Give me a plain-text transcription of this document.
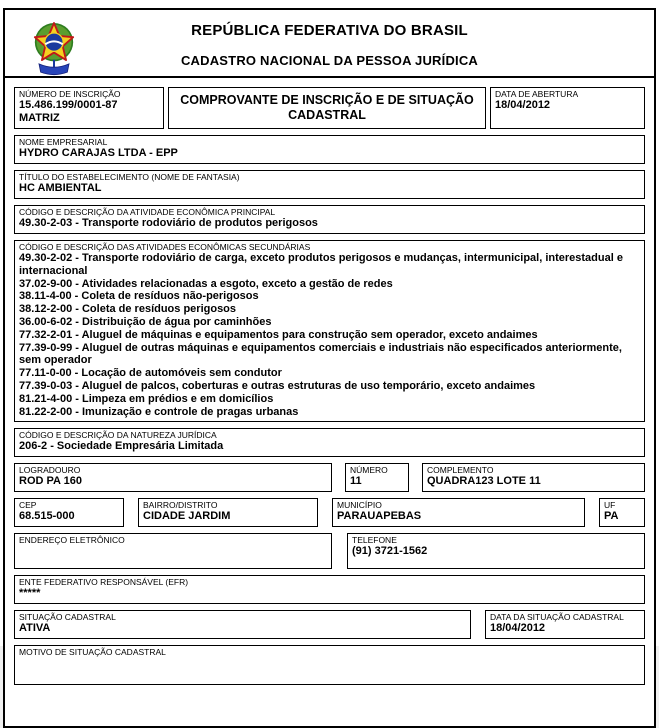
REPÚBLICA FEDERATIVA DO BRASIL
CADASTRO NACIONAL DA PESSOA JURÍDICA
NÚMERO DE INSCRIÇÃO
15.486.199/0001-87
MATRIZ
COMPROVANTE DE INSCRIÇÃO E DE SITUAÇÃO CADASTRAL
DATA DE ABERTURA
18/04/2012
NOME EMPRESARIAL
HYDRO CARAJAS LTDA - EPP
TÍTULO DO ESTABELECIMENTO (NOME DE FANTASIA)
HC AMBIENTAL
CÓDIGO E DESCRIÇÃO DA ATIVIDADE ECONÔMICA PRINCIPAL
49.30-2-03 - Transporte rodoviário de produtos perigosos
CÓDIGO E DESCRIÇÃO DAS ATIVIDADES ECONÔMICAS SECUNDÁRIAS
49.30-2-02 - Transporte rodoviário de carga, exceto produtos perigosos e mudanças, intermunicipal, interestadual e internacional
37.02-9-00 - Atividades relacionadas a esgoto, exceto a gestão de redes
38.11-4-00 - Coleta de resíduos não-perigosos
38.12-2-00 - Coleta de resíduos perigosos
36.00-6-02 - Distribuição de água por caminhões
77.32-2-01 - Aluguel de máquinas e equipamentos para construção sem operador, exceto andaimes
77.39-0-99 - Aluguel de outras máquinas e equipamentos comerciais e industriais não especificados anteriormente, sem operador
77.11-0-00 - Locação de automóveis sem condutor
77.39-0-03 - Aluguel de palcos, coberturas e outras estruturas de uso temporário, exceto andaimes
81.21-4-00 - Limpeza em prédios e em domicílios
81.22-2-00 - Imunização e controle de pragas urbanas
CÓDIGO E DESCRIÇÃO DA NATUREZA JURÍDICA
206-2 - Sociedade Empresária Limitada
LOGRADOURO
ROD PA 160
NÚMERO
11
COMPLEMENTO
QUADRA123 LOTE 11
CEP
68.515-000
BAIRRO/DISTRITO
CIDADE JARDIM
MUNICÍPIO
PARAUAPEBAS
UF
PA
ENDEREÇO ELETRÔNICO	TELEFONE
(91) 3721-1562
ENTE FEDERATIVO RESPONSÁVEL (EFR)
*****
SITUAÇÃO CADASTRAL
ATIVA
DATA DA SITUAÇÃO CADASTRAL
18/04/2012
MOTIVO DE SITUAÇÃO CADASTRAL
